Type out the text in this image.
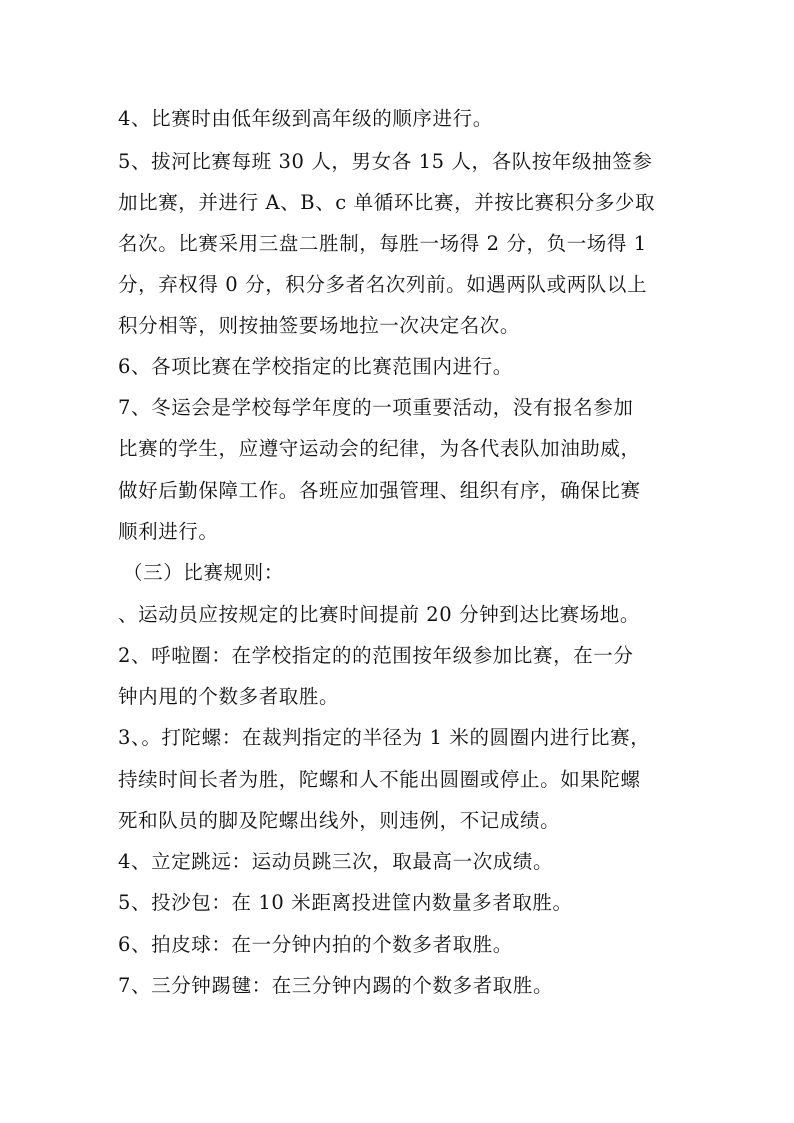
4、比赛时由低年级到高年级的顺序进行。
5、拔河比赛每班 30 人，男女各 15 人，各队按年级抽签参
加比赛，并进行 A、B、c 单循环比赛，并按比赛积分多少取
名次。比赛采用三盘二胜制，每胜一场得 2 分，负一场得 1
分，弃权得 0 分，积分多者名次列前。如遇两队或两队以上
积分相等，则按抽签要场地拉一次决定名次。
6、各项比赛在学校指定的比赛范围内进行。
7、冬运会是学校每学年度的一项重要活动，没有报名参加
比赛的学生，应遵守运动会的纪律，为各代表队加油助威，
做好后勤保障工作。各班应加强管理、组织有序，确保比赛
顺利进行。
（三）比赛规则：
、运动员应按规定的比赛时间提前 20 分钟到达比赛场地。
2、呼啦圈：在学校指定的的范围按年级参加比赛，在一分
钟内甩的个数多者取胜。
3、。打陀螺：在裁判指定的半径为 1 米的圆圈内进行比赛，
持续时间长者为胜，陀螺和人不能出圆圈或停止。如果陀螺
死和队员的脚及陀螺出线外，则违例，不记成绩。
4、立定跳远：运动员跳三次，取最高一次成绩。
5、投沙包：在 10 米距离投进筐内数量多者取胜。
6、拍皮球：在一分钟内拍的个数多者取胜。
7、三分钟踢毽：在三分钟内踢的个数多者取胜。
